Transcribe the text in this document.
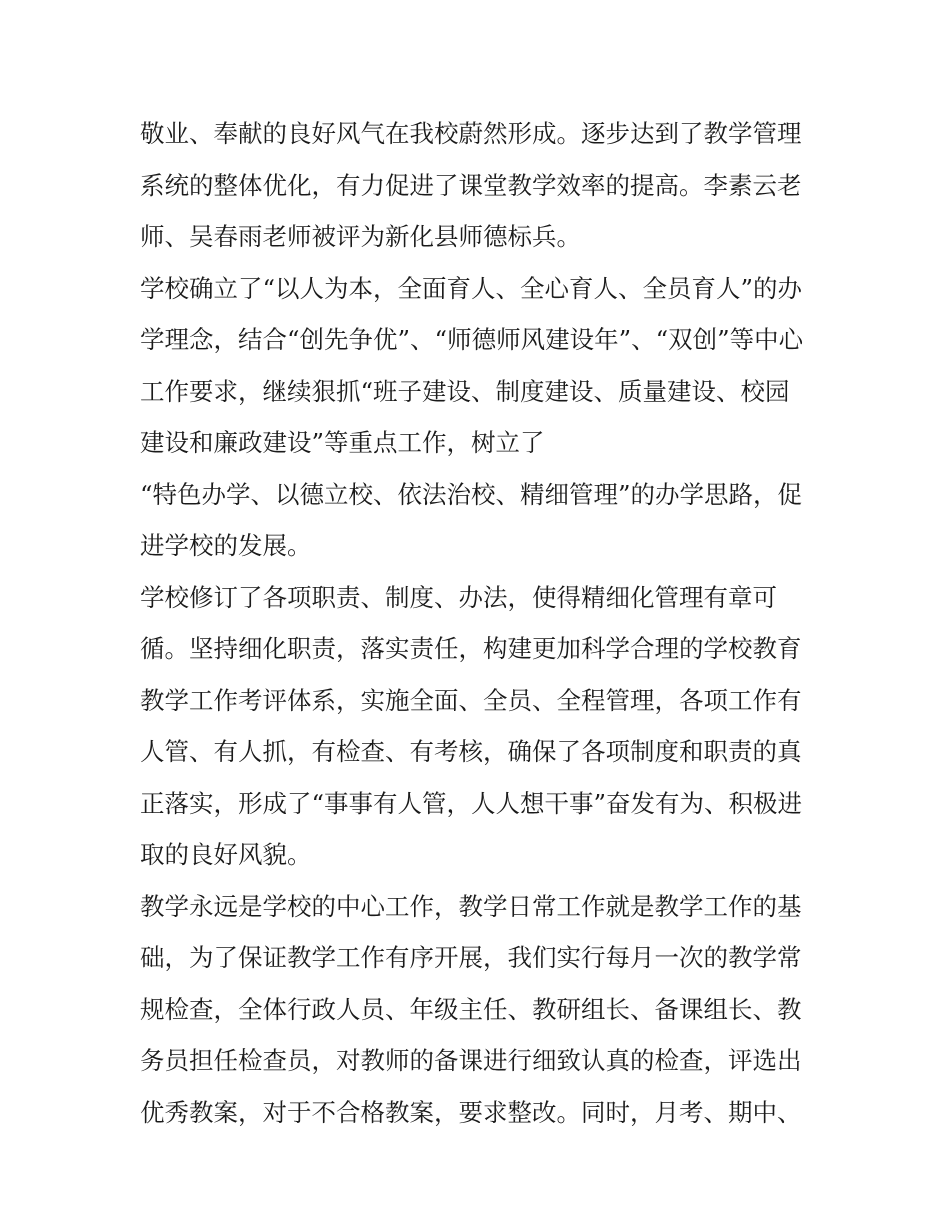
敬业、奉献的良好风气在我校蔚然形成。逐步达到了教学管理
系统的整体优化，有力促进了课堂教学效率的提高。李素云老
师、吴春雨老师被评为新化县师德标兵。
学校确立了“以人为本，全面育人、全心育人、全员育人”的办
学理念，结合“创先争优”、“师德师风建设年”、“双创”等中心
工作要求，继续狠抓“班子建设、制度建设、质量建设、校园
建设和廉政建设”等重点工作，树立了
“特色办学、以德立校、依法治校、精细管理”的办学思路，促
进学校的发展。
学校修订了各项职责、制度、办法，使得精细化管理有章可
循。坚持细化职责，落实责任，构建更加科学合理的学校教育
教学工作考评体系，实施全面、全员、全程管理，各项工作有
人管、有人抓，有检查、有考核，确保了各项制度和职责的真
正落实，形成了“事事有人管，人人想干事”奋发有为、积极进
取的良好风貌。
教学永远是学校的中心工作，教学日常工作就是教学工作的基
础，为了保证教学工作有序开展，我们实行每月一次的教学常
规检查，全体行政人员、年级主任、教研组长、备课组长、教
务员担任检查员，对教师的备课进行细致认真的检查，评选出
优秀教案，对于不合格教案，要求整改。同时，月考、期中、
